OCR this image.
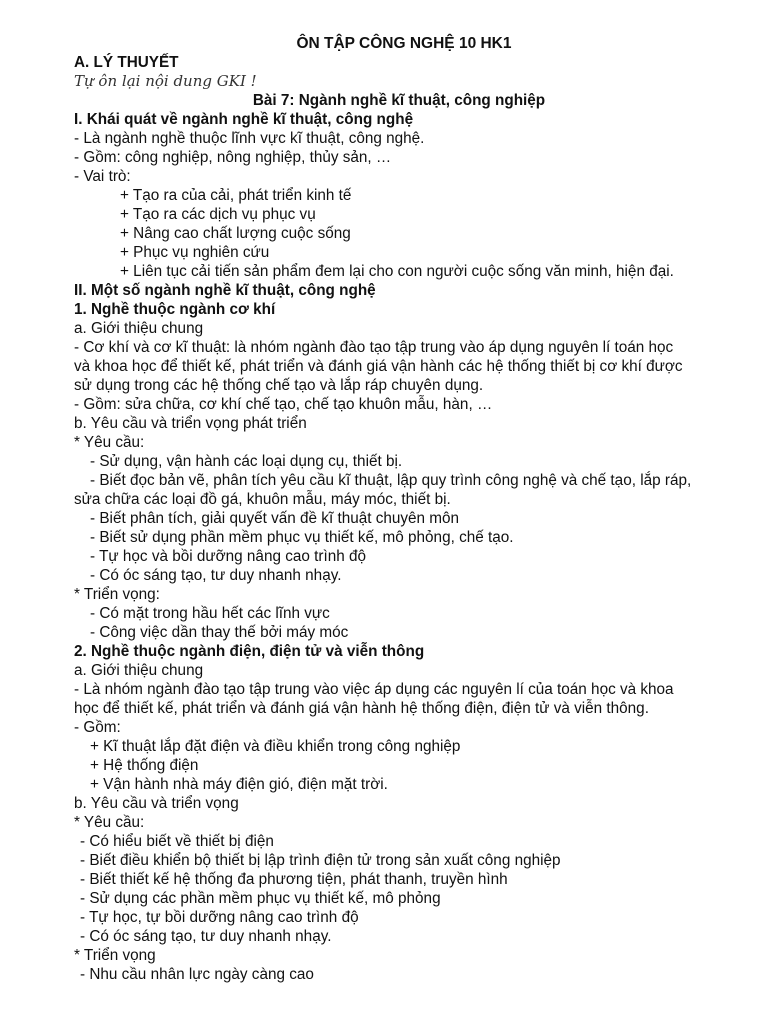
ÔN TẬP CÔNG NGHỆ 10 HK1
A. LÝ THUYẾT
Tự ôn lại nội dung GKI !
Bài 7: Ngành nghề kĩ thuật, công nghiệp
I. Khái quát về ngành nghề kĩ thuật, công nghệ
- Là ngành nghề thuộc lĩnh vực kĩ thuật, công nghệ.
- Gồm: công nghiệp, nông nghiệp, thủy sản, …
- Vai trò:
+ Tạo ra của cải, phát triển kinh tế
+ Tạo ra các dịch vụ phục vụ
+ Nâng cao chất lượng cuộc sống
+ Phục vụ nghiên cứu
+ Liên tục cải tiến sản phẩm đem lại cho con người cuộc sống văn minh, hiện đại.
II. Một số ngành nghề kĩ thuật, công nghệ
1. Nghề thuộc ngành cơ khí
a. Giới thiệu chung
- Cơ khí và cơ kĩ thuật: là nhóm ngành đào tạo tập trung vào áp dụng nguyên lí toán học
và khoa học để thiết kế, phát triển và đánh giá vận hành các hệ thống thiết bị cơ khí được
sử dụng trong các hệ thống chế tạo và lắp ráp chuyên dụng.
- Gồm: sửa chữa, cơ khí chế tạo, chế tạo khuôn mẫu, hàn, …
b. Yêu cầu và triển vọng phát triển
* Yêu cầu:
- Sử dụng, vận hành các loại dụng cụ, thiết bị.
- Biết đọc bản vẽ, phân tích yêu cầu kĩ thuật, lập quy trình công nghệ và chế tạo, lắp ráp,
sửa chữa các loại đồ gá, khuôn mẫu, máy móc, thiết bị.
- Biết phân tích, giải quyết vấn đề kĩ thuật chuyên môn
- Biết sử dụng phần mềm phục vụ thiết kế, mô phỏng, chế tạo.
- Tự học và bồi dưỡng nâng cao trình độ
- Có óc sáng tạo, tư duy nhanh nhạy.
* Triển vọng:
- Có mặt trong hầu hết các lĩnh vực
- Công việc dần thay thế bởi máy móc
2. Nghề thuộc ngành điện, điện tử và viễn thông
a. Giới thiệu chung
- Là nhóm ngành đào tạo tập trung vào việc áp dụng các nguyên lí của toán học và khoa
học để thiết kế, phát triển và đánh giá vận hành hệ thống điện, điện tử và viễn thông.
- Gồm:
+ Kĩ thuật lắp đặt điện và điều khiển trong công nghiệp
+ Hệ thống điện
+ Vận hành nhà máy điện gió, điện mặt trời.
b. Yêu cầu và triển vọng
* Yêu cầu:
- Có hiểu biết về thiết bị điện
- Biết điều khiển bộ thiết bị lập trình điện tử trong sản xuất công nghiệp
- Biết thiết kế hệ thống đa phương tiện, phát thanh, truyền hình
- Sử dụng các phần mềm phục vụ thiết kế, mô phỏng
- Tự học, tự bồi dưỡng nâng cao trình độ
- Có óc sáng tạo, tư duy nhanh nhạy.
* Triển vọng
- Nhu cầu nhân lực ngày càng cao
